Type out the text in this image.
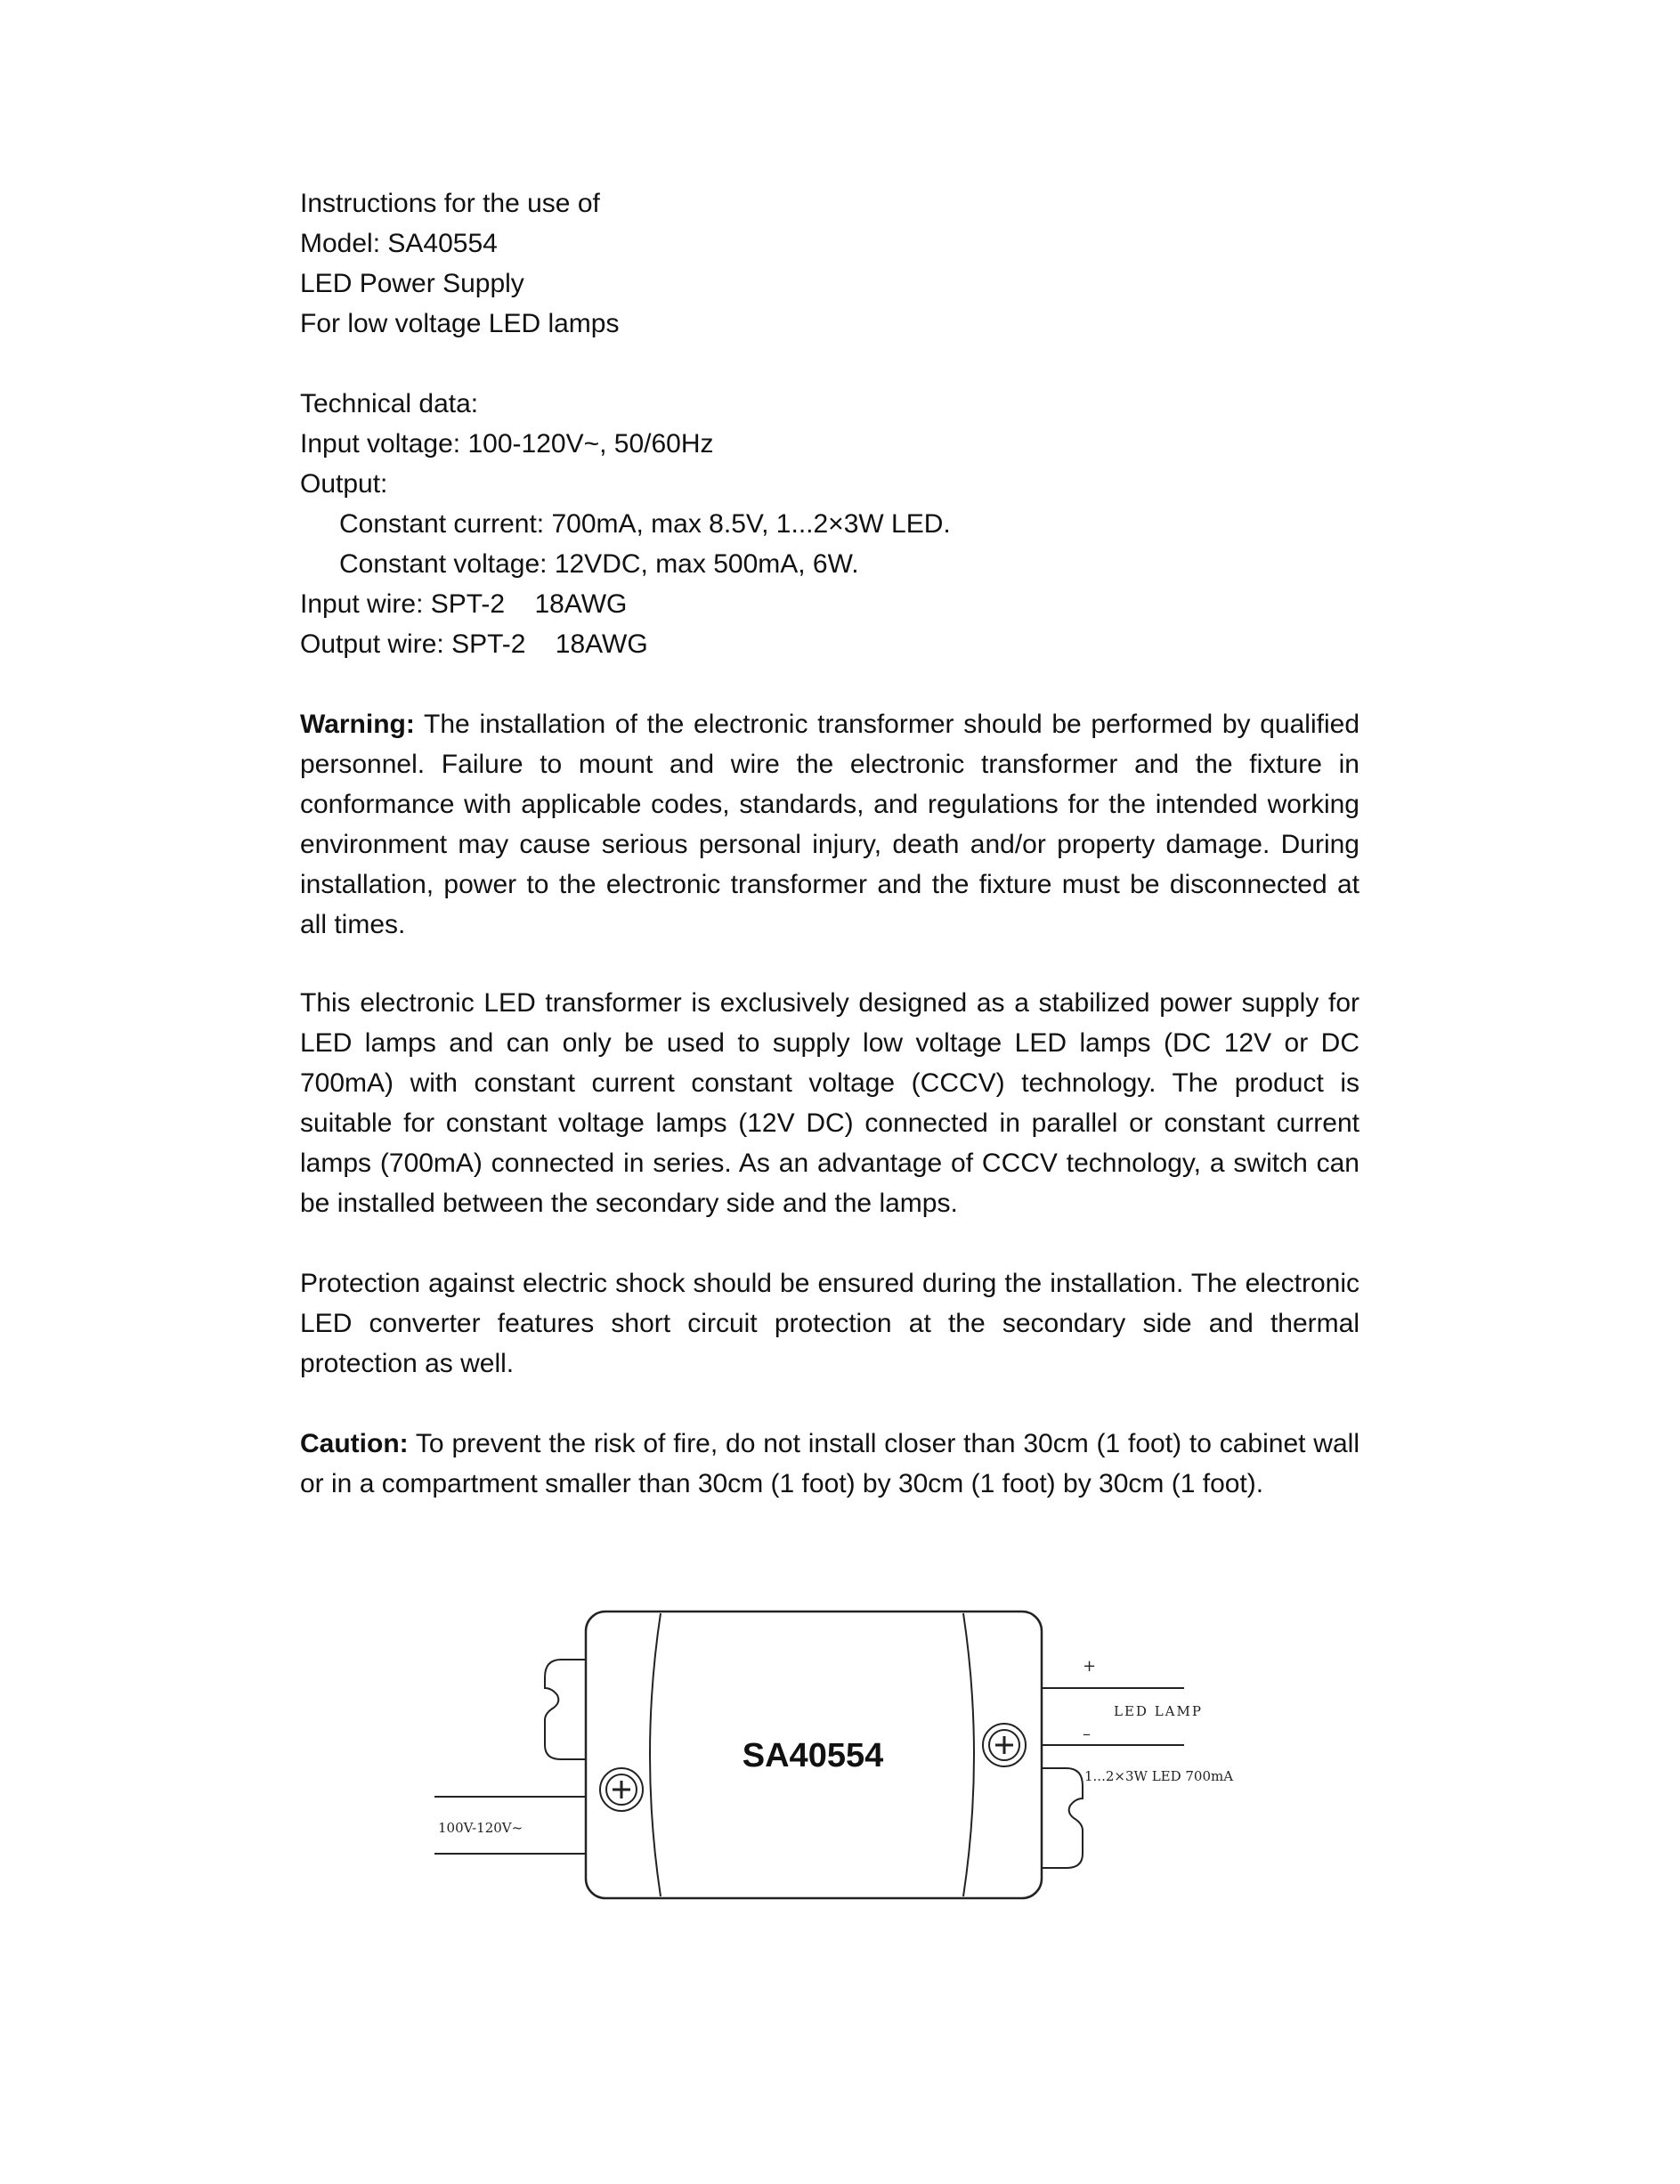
Instructions for the use of
Model: SA40554
LED Power Supply
For low voltage LED lamps
Technical data:
Input voltage: 100-120V~, 50/60Hz
Output:
Constant current: 700mA, max 8.5V, 1...2×3W LED.
Constant voltage: 12VDC, max 500mA, 6W.
Input wire: SPT-2    18AWG
Output wire: SPT-2    18AWG
Warning: The installation of the electronic transformer should be performed by qualified personnel. Failure to mount and wire the electronic transformer and the fixture in conformance with applicable codes, standards, and regulations for the intended working environment may cause serious personal injury, death and/or property damage. During installation, power to the electronic transformer and the fixture must be disconnected at all times.
This electronic LED transformer is exclusively designed as a stabilized power supply for LED lamps and can only be used to supply low voltage LED lamps (DC 12V or DC 700mA) with constant current constant voltage (CCCV) technology. The product is suitable for constant voltage lamps (12V DC) connected in parallel or constant current lamps (700mA) connected in series. As an advantage of CCCV technology, a switch can be installed between the secondary side and the lamps.
Protection against electric shock should be ensured during the installation. The electronic LED converter features short circuit protection at the secondary side and thermal protection as well.
Caution: To prevent the risk of fire, do not install closer than 30cm (1 foot) to cabinet wall or in a compartment smaller than 30cm (1 foot) by 30cm (1 foot) by 30cm (1 foot).
100V-120V~
+
–
LED LAMP
1...2×3W LED 700mA
SA40554
